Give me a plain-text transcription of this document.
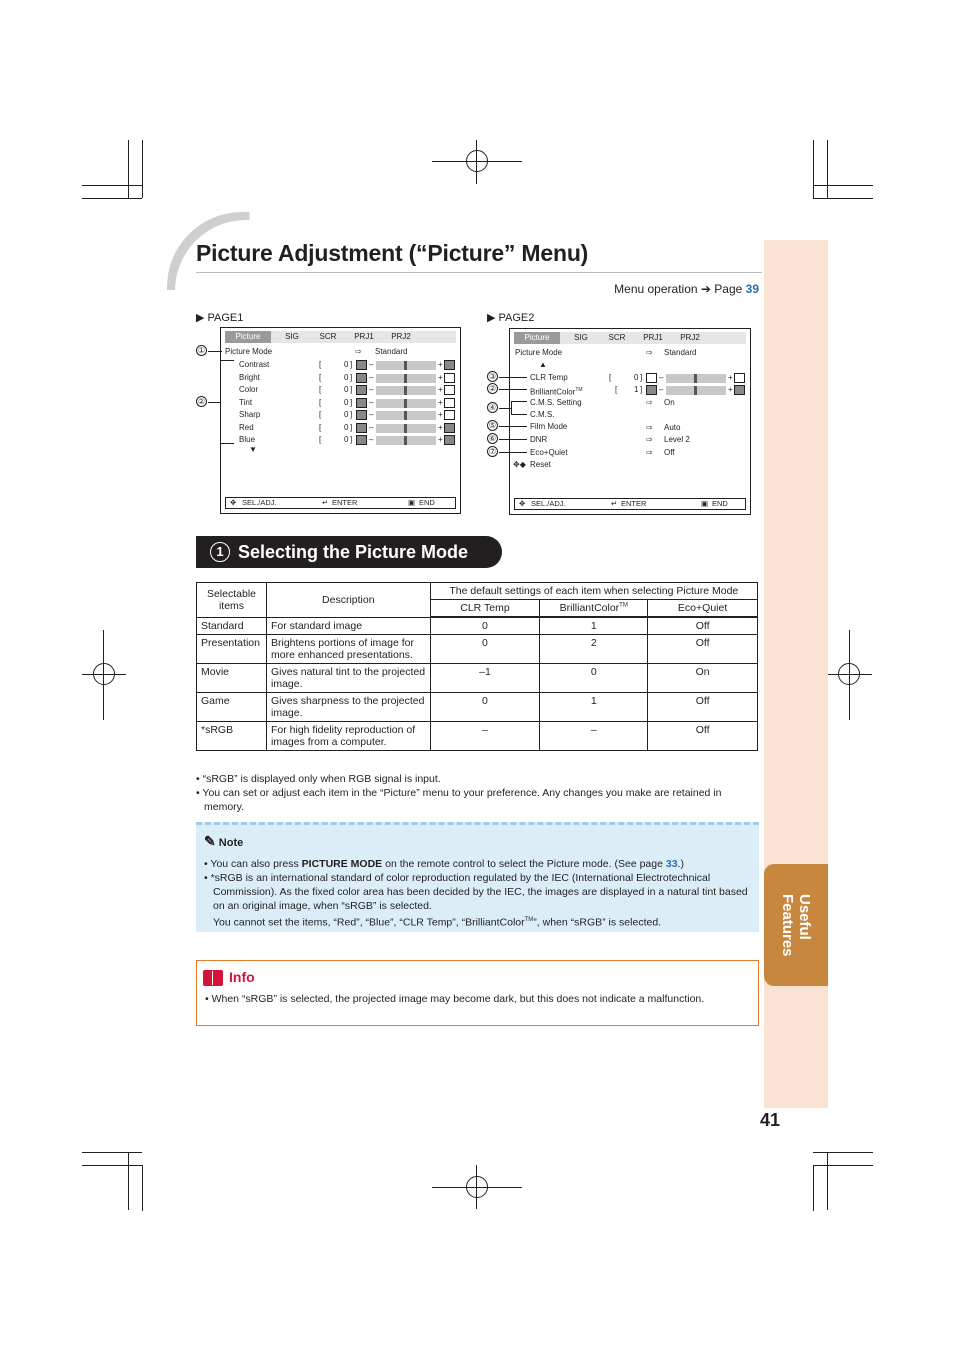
Useful
Features
41
Picture Adjustment (“Picture” Menu)
Menu operation ➔ Page 39
▶ PAGE1
Picture	SIG	SCR	PRJ1	PRJ2
Picture Mode	⇨ Standard
Contrast	[	0 ] –	+
Bright	[	0 ] –	+
Color	[	0 ] –	+
Tint	[	0 ] –	+
Sharp	[	0 ] –	+
Red	[	0 ] –	+
Blue	[	0 ] –	+
▼
✥ SEL./ADJ.	↵ ENTER	▣ END
①
②
▶ PAGE2
Picture	SIG	SCR	PRJ1	PRJ2
Picture Mode	⇨ Standard
▲
CLR Temp	[	0 ] –	+
BrilliantColor™	[ 1 ] –	+
C.M.S. Setting	⇨ On
C.M.S.
Film Mode	⇨ Auto
DNR	⇨ Level 2
Eco+Quiet	⇨ Off
✥◆ Reset
✥ SEL./ADJ.	↵ ENTER	▣ END
③
②
④
⑤
⑥
⑦
1 Selecting the Picture Mode
Selectable items	Description	The default settings of each item when selecting Picture Mode		
		CLR Temp	BrilliantColor™	Eco+Quiet
Standard	For standard image	0	1	Off
Presentation	Brightens portions of image for more enhanced presentations.	0	2	Off
Movie	Gives natural tint to the projected image.	–1	0	On
Game	Gives sharpness to the projected image.	0	1	Off
*sRGB	For high fidelity reproduction of images from a computer.	–	–	Off

• “sRGB” is displayed only when RGB signal is input.

• You can set or adjust each item in the “Picture” menu to your preference. Any changes you make are retained in memory.

✎ Note

• You can also press PICTURE MODE on the remote control to select the Picture mode. (See page 33.)

• *sRGB is an international standard of color reproduction regulated by the IEC (International Electrotechnical Commission). As the fixed color area has been decided by the IEC, the images are displayed in a natural tint based on an original image, when “sRGB” is selected.

You cannot set the items, “Red”, “Blue”, “CLR Temp”, “BrilliantColor™”, when “sRGB” is selected.

Info
• When “sRGB” is selected, the projected image may become dark, but this does not indicate a malfunction.
